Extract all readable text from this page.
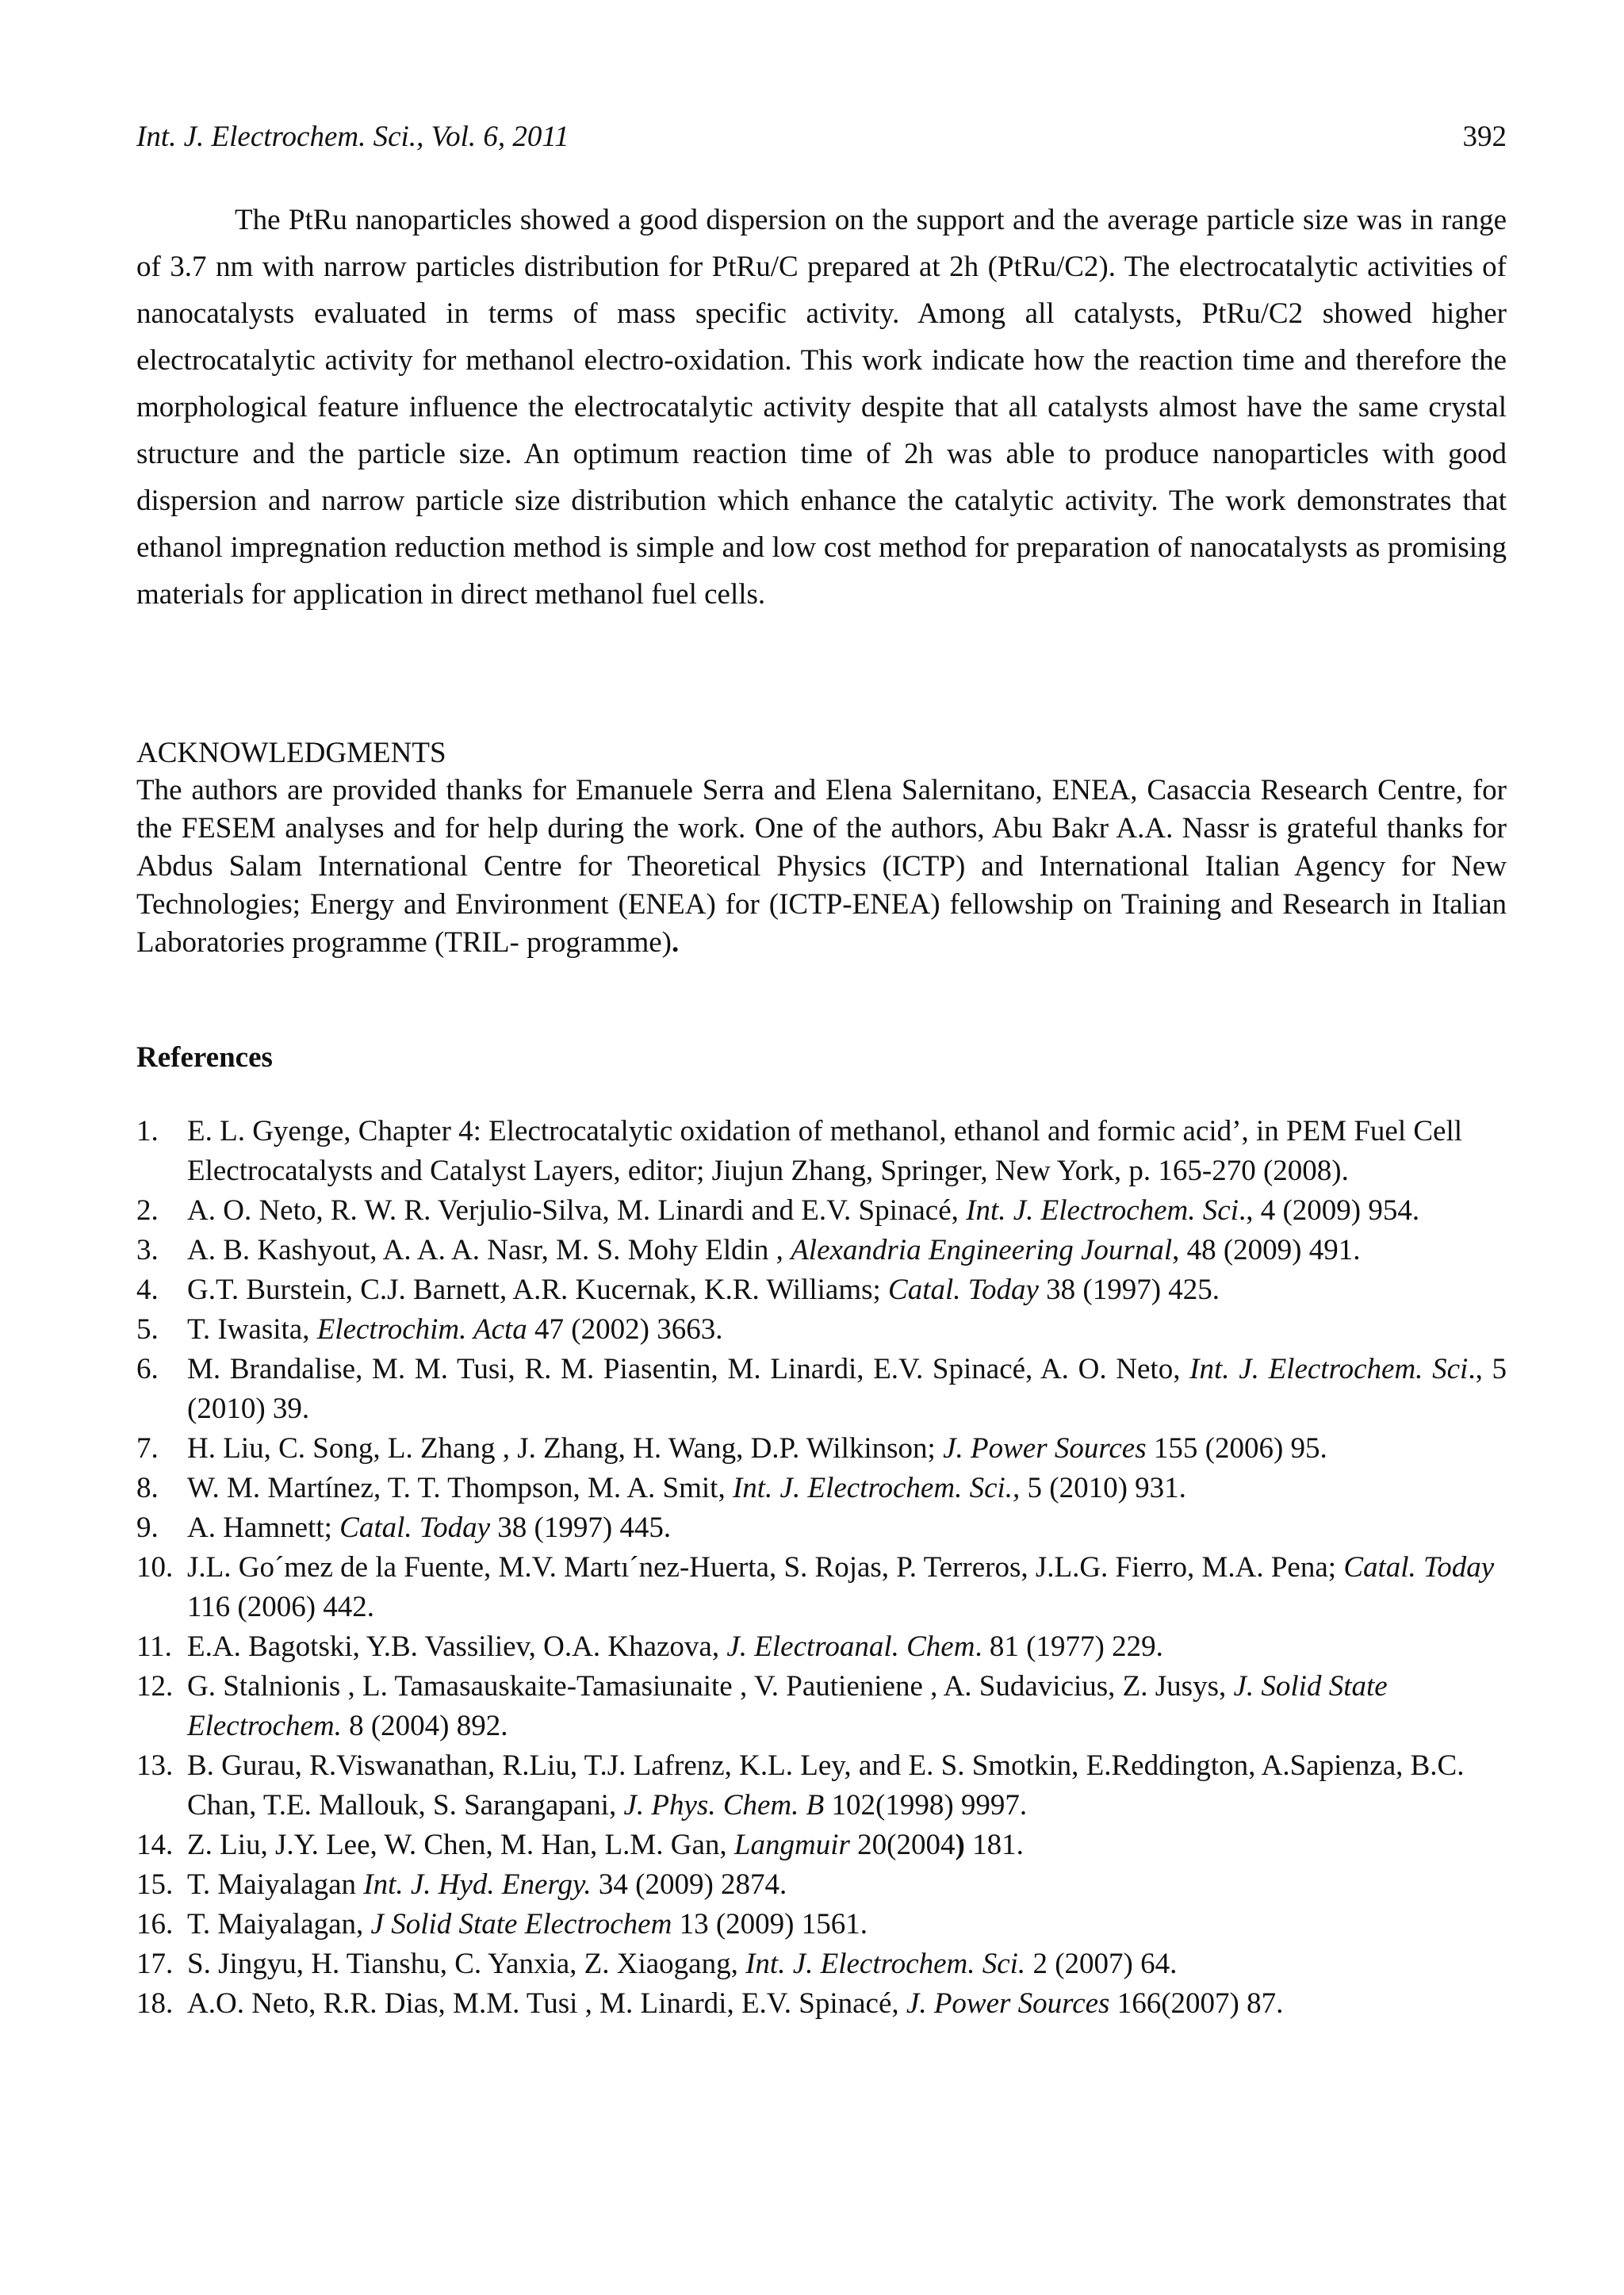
Int. J. Electrochem. Sci., Vol. 6, 2011	392

The PtRu nanoparticles showed a good dispersion on the support and the average particle size was in range of 3.7 nm with narrow particles distribution for PtRu/C prepared at 2h (PtRu/C2). The electrocatalytic activities of nanocatalysts evaluated in terms of mass specific activity. Among all catalysts, PtRu/C2 showed higher electrocatalytic activity for methanol electro-oxidation. This work indicate how the reaction time and therefore the morphological feature influence the electrocatalytic activity despite that all catalysts almost have the same crystal structure and the particle size. An optimum reaction time of 2h was able to produce nanoparticles with good dispersion and narrow particle size distribution which enhance the catalytic activity. The work demonstrates that ethanol impregnation reduction method is simple and low cost method for preparation of nanocatalysts as promising materials for application in direct methanol fuel cells.

ACKNOWLEDGMENTS

The authors are provided thanks for Emanuele Serra and Elena Salernitano, ENEA, Casaccia Research Centre, for the FESEM analyses and for help during the work. One of the authors, Abu Bakr A.A. Nassr is grateful thanks for Abdus Salam International Centre for Theoretical Physics (ICTP) and International Italian Agency for New Technologies; Energy and Environment (ENEA) for (ICTP-ENEA) fellowship on Training and Research in Italian Laboratories programme (TRIL- programme).

References
1. E. L. Gyenge, Chapter 4: Electrocatalytic oxidation of methanol, ethanol and formic acid’, in PEM Fuel Cell Electrocatalysts and Catalyst Layers, editor; Jiujun Zhang, Springer, New York, p. 165-270 (2008).
2. A. O. Neto, R. W. R. Verjulio-Silva, M. Linardi and E.V. Spinacé, Int. J. Electrochem. Sci., 4 (2009) 954.
3. A. B. Kashyout, A. A. A. Nasr, M. S. Mohy Eldin , Alexandria Engineering Journal, 48 (2009) 491.
4. G.T. Burstein, C.J. Barnett, A.R. Kucernak, K.R. Williams; Catal. Today 38 (1997) 425.
5. T. Iwasita, Electrochim. Acta 47 (2002) 3663.
6. M. Brandalise, M. M. Tusi, R. M. Piasentin, M. Linardi, E.V. Spinacé, A. O. Neto, Int. J. Electrochem. Sci., 5 (2010) 39.
7. H. Liu, C. Song, L. Zhang , J. Zhang, H. Wang, D.P. Wilkinson; J. Power Sources 155 (2006) 95.
8. W. M. Martínez, T. T. Thompson, M. A. Smit, Int. J. Electrochem. Sci., 5 (2010) 931.
9. A. Hamnett; Catal. Today 38 (1997) 445.
10. J.L. Go´mez de la Fuente, M.V. Martı´nez-Huerta, S. Rojas, P. Terreros, J.L.G. Fierro, M.A. Pena; Catal. Today 116 (2006) 442.
11. E.A. Bagotski, Y.B. Vassiliev, O.A. Khazova, J. Electroanal. Chem. 81 (1977) 229.
12. G. Stalnionis , L. Tamasauskaite-Tamasiunaite , V. Pautieniene , A. Sudavicius, Z. Jusys, J. Solid State Electrochem. 8 (2004) 892.
13. B. Gurau, R.Viswanathan, R.Liu, T.J. Lafrenz, K.L. Ley, and E. S. Smotkin, E.Reddington, A.Sapienza, B.C. Chan, T.E. Mallouk, S. Sarangapani, J. Phys. Chem. B 102(1998) 9997.
14. Z. Liu, J.Y. Lee, W. Chen, M. Han, L.M. Gan, Langmuir 20(2004) 181.
15. T. Maiyalagan Int. J. Hyd. Energy. 34 (2009) 2874.
16. T. Maiyalagan, J Solid State Electrochem 13 (2009) 1561.
17. S. Jingyu, H. Tianshu, C. Yanxia, Z. Xiaogang, Int. J. Electrochem. Sci. 2 (2007) 64.
18. A.O. Neto, R.R. Dias, M.M. Tusi , M. Linardi, E.V. Spinacé, J. Power Sources 166(2007) 87.
